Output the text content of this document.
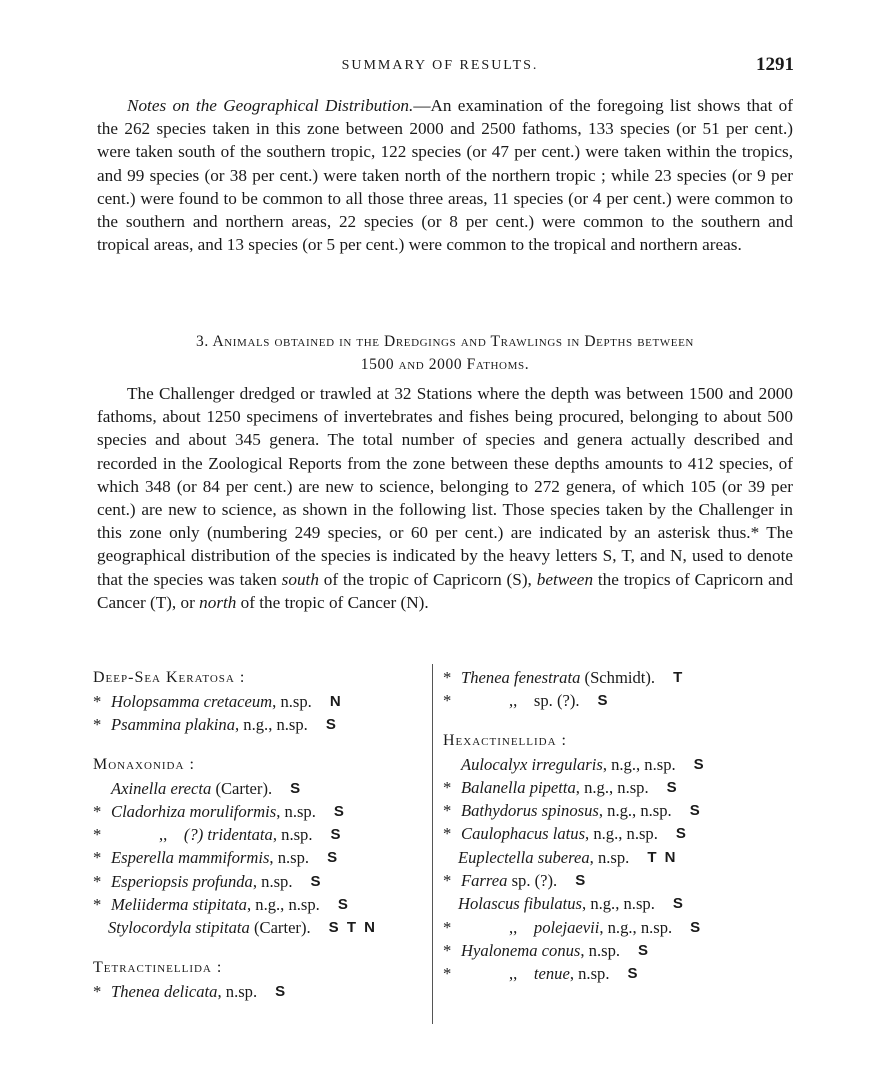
SUMMARY OF RESULTS.	1291

Notes on the Geographical Distribution.—An examination of the foregoing list shows that of the 262 species taken in this zone between 2000 and 2500 fathoms, 133 species (or 51 per cent.) were taken south of the southern tropic, 122 species (or 47 per cent.) were taken within the tropics, and 99 species (or 38 per cent.) were taken north of the northern tropic ; while 23 species (or 9 per cent.) were found to be common to all those three areas, 11 species (or 4 per cent.) were common to the southern and northern areas, 22 species (or 8 per cent.) were common to the southern and tropical areas, and 13 species (or 5 per cent.) were common to the tropical and northern areas.

3. Animals obtained in the Dredgings and Trawlings in Depths between
1500 and 2000 Fathoms.

The Challenger dredged or trawled at 32 Stations where the depth was between 1500 and 2000 fathoms, about 1250 specimens of invertebrates and fishes being procured, belonging to about 500 species and about 345 genera. The total number of species and genera actually described and recorded in the Zoological Reports from the zone between these depths amounts to 412 species, of which 348 (or 84 per cent.) are new to science, belonging to 272 genera, of which 105 (or 39 per cent.) are new to science, as shown in the following list. Those species taken by the Challenger in this zone only (numbering 249 species, or 60 per cent.) are indicated by an asterisk thus.* The geographical distribution of the species is indicated by the heavy letters S, T, and N, used to denote that the species was taken south of the tropic of Capricorn (S), between the tropics of Capricorn and Cancer (T), or north of the tropic of Cancer (N).

Deep-Sea Keratosa :
* Holopsamma cretaceum, n.sp. N
* Psammina plakina, n.g., n.sp. S
Monaxonida :
Axinella erecta (Carter). S
* Cladorhiza moruliformis, n.sp. S
*	,,  (?) tridentata, n.sp. S
* Esperella mammiformis, n.sp. S
* Esperiopsis profunda, n.sp. S
* Meliiderma stipitata, n.g., n.sp. S
Stylocordyla stipitata (Carter). S T N
Tetractinellida :
* Thenea delicata, n.sp. S
* Thenea fenestrata (Schmidt). T
*	,,  sp. (?). S
Hexactinellida :
Aulocalyx irregularis, n.g., n.sp. S
* Balanella pipetta, n.g., n.sp. S
* Bathydorus spinosus, n.g., n.sp. S
* Caulophacus latus, n.g., n.sp. S
Euplectella suberea, n.sp. T N
* Farrea sp. (?). S
Holascus fibulatus, n.g., n.sp. S
*	,,  polejaevii, n.g., n.sp. S
* Hyalonema conus, n.sp. S
*	,,  tenue, n.sp. S
